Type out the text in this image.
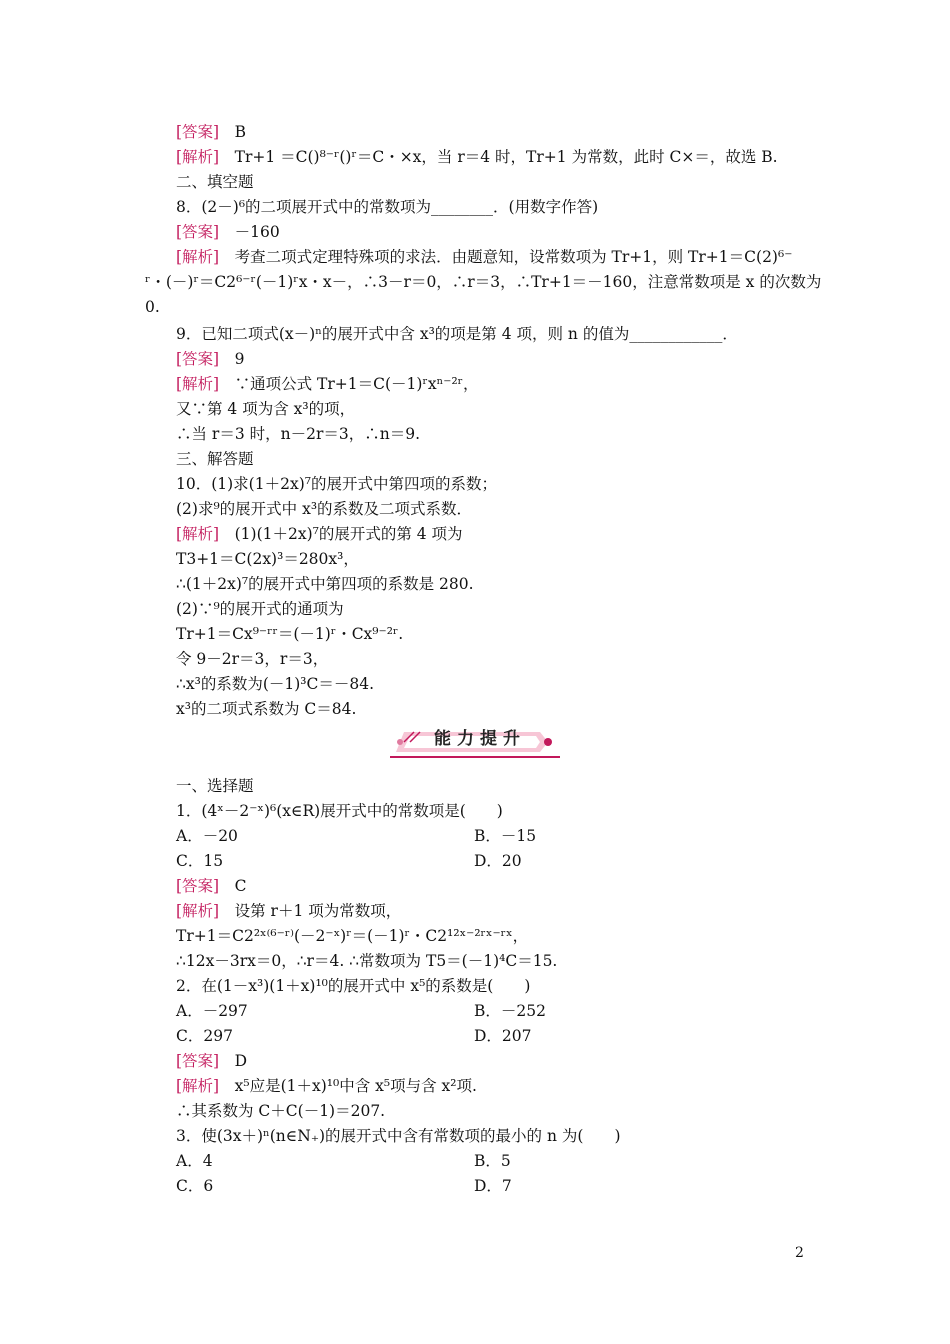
[答案]　B
[解析]　Tr+1 ＝C()⁸⁻ʳ()ʳ＝C・×x，当 r＝4 时，Tr+1 为常数，此时 C×＝，故选 B.
二、填空题
8．(2－)⁶的二项展开式中的常数项为________．(用数字作答)
[答案]　－160
[解析]　考查二项式定理特殊项的求法．由题意知，设常数项为 Tr+1，则 Tr+1＝C(2)⁶⁻
ʳ・(－)ʳ＝C2⁶⁻ʳ(－1)ʳx・x－，∴3－r＝0，∴r＝3，∴Tr+1＝－160，注意常数项是 x 的次数为
0.
9．已知二项式(x－)ⁿ的展开式中含 x³的项是第 4 项，则 n 的值为____________．
[答案]　9
[解析]　∵通项公式 Tr+1＝C(－1)ʳxⁿ⁻²ʳ，
又∵第 4 项为含 x³的项，
∴当 r＝3 时，n－2r＝3，∴n＝9.
三、解答题
10．(1)求(1＋2x)⁷的展开式中第四项的系数；
(2)求⁹的展开式中 x³的系数及二项式系数．
[解析]　(1)(1＋2x)⁷的展开式的第 4 项为
T3+1＝C(2x)³＝280x³，
∴(1＋2x)⁷的展开式中第四项的系数是 280.
(2)∵⁹的展开式的通项为
Tr+1＝Cx⁹⁻ʳʳ＝(－1)ʳ・Cx⁹⁻²ʳ.
令 9－2r＝3，r＝3，
∴x³的系数为(－1)³C＝－84.
x³的二项式系数为 C＝84.
能力提升
一、选择题
1．(4ˣ－2⁻ˣ)⁶(x∈R)展开式中的常数项是(　　)
A．－20	B．－15
C．15	D．20
[答案]　C
[解析]　设第 r＋1 项为常数项，
Tr+1＝C2²ˣ⁽⁶⁻ʳ⁾(－2⁻ˣ)ʳ＝(－1)ʳ・C2¹²ˣ⁻²ʳˣ⁻ʳˣ，
∴12x－3rx＝0，∴r＝4. ∴常数项为 T5＝(－1)⁴C＝15.
2．在(1－x³)(1＋x)¹⁰的展开式中 x⁵的系数是(　　)
A．－297	B．－252
C．297	D．207
[答案]　D
[解析]　x⁵应是(1＋x)¹⁰中含 x⁵项与含 x²项.
∴其系数为 C＋C(－1)＝207.
3．使(3x＋)ⁿ(n∈N₊)的展开式中含有常数项的最小的 n 为(　　)
A．4	B．5
C．6	D．7
2
